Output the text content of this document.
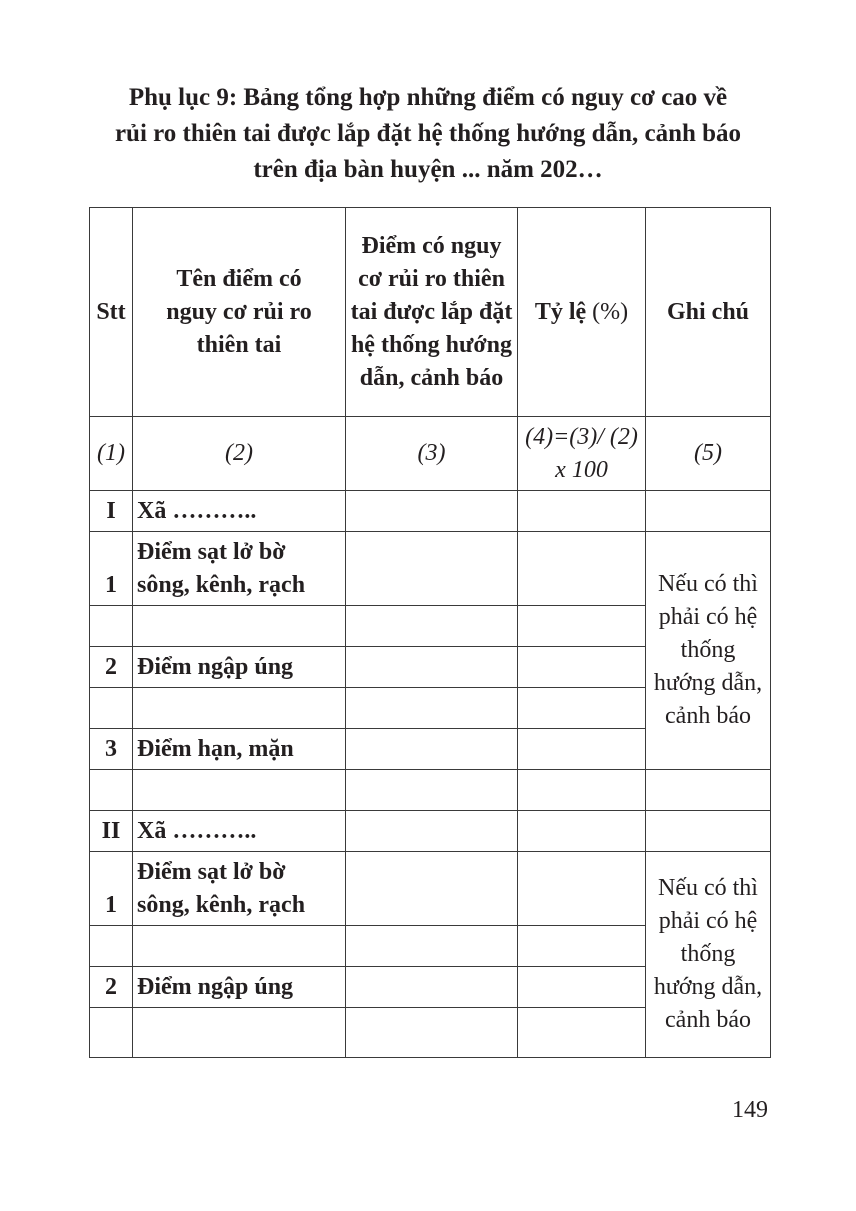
Phụ lục 9: Bảng tổng hợp những điểm có nguy cơ cao về
rủi ro thiên tai được lắp đặt hệ thống hướng dẫn, cảnh báo
trên địa bàn huyện ... năm 202…
Stt	Tên điểm có nguy cơ rủi ro thiên tai	Điểm có nguy cơ rủi ro thiên tai được lắp đặt hệ thống hướng dẫn, cảnh báo	Tỷ lệ (%)	Ghi chú
(1)	(2)	(3)	(4)=(3)/ (2) x 100	(5)
I	Xã ………..			
1	Điểm sạt lở bờ sông, kênh, rạch			Nếu có thì phải có hệ thống hướng dẫn, cảnh báo

2	Điểm ngập úng			

3	Điểm hạn, mặn			

II	Xã ………..			
1	Điểm sạt lở bờ sông, kênh, rạch			Nếu có thì phải có hệ thống hướng dẫn, cảnh báo

2	Điểm ngập úng			

149
